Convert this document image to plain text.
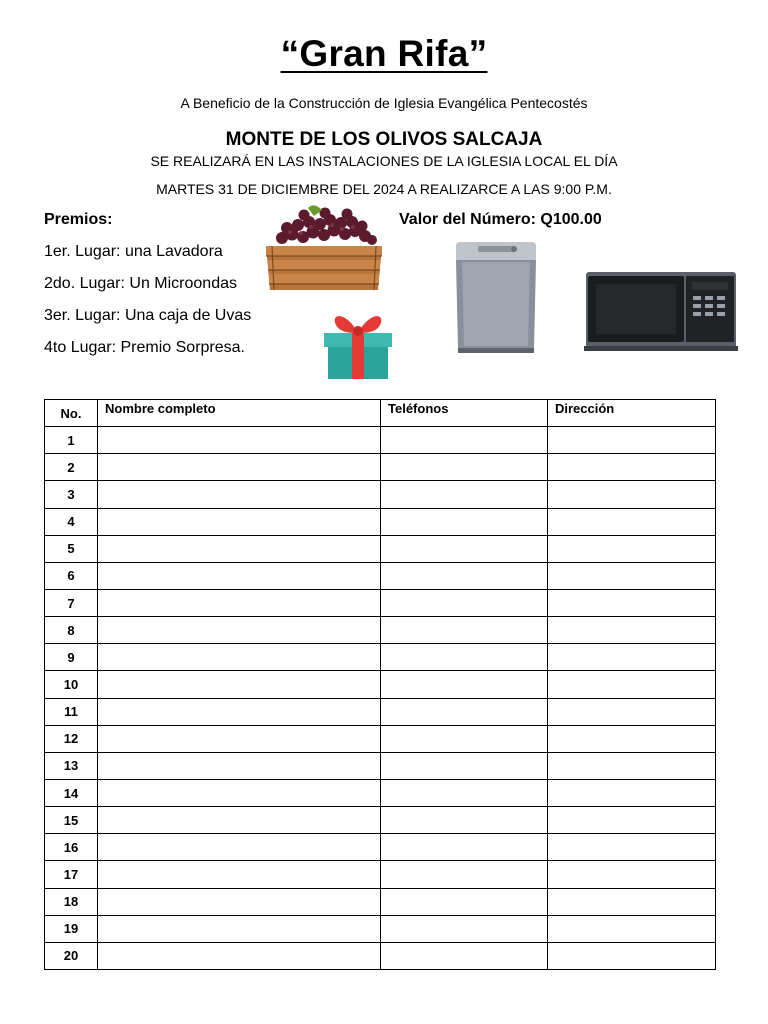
“Gran Rifa”
A Beneficio de la Construcción de Iglesia Evangélica Pentecostés
MONTE DE LOS OLIVOS SALCAJA
SE REALIZARÁ EN LAS INSTALACIONES DE LA IGLESIA LOCAL EL DÍA
MARTES 31 DE DICIEMBRE DEL 2024 A REALIZARCE A LAS 9:00 P.M.
Premios:	Valor del Número: Q100.00
1er. Lugar: una Lavadora
2do. Lugar: Un Microondas
3er. Lugar: Una caja de Uvas
4to Lugar: Premio Sorpresa.
No.	Nombre completo	Teléfonos	Dirección
1			
2			
3			
4			
5			
6			
7			
8			
9			
10			
11			
12			
13			
14			
15			
16			
17			
18			
19			
20			
